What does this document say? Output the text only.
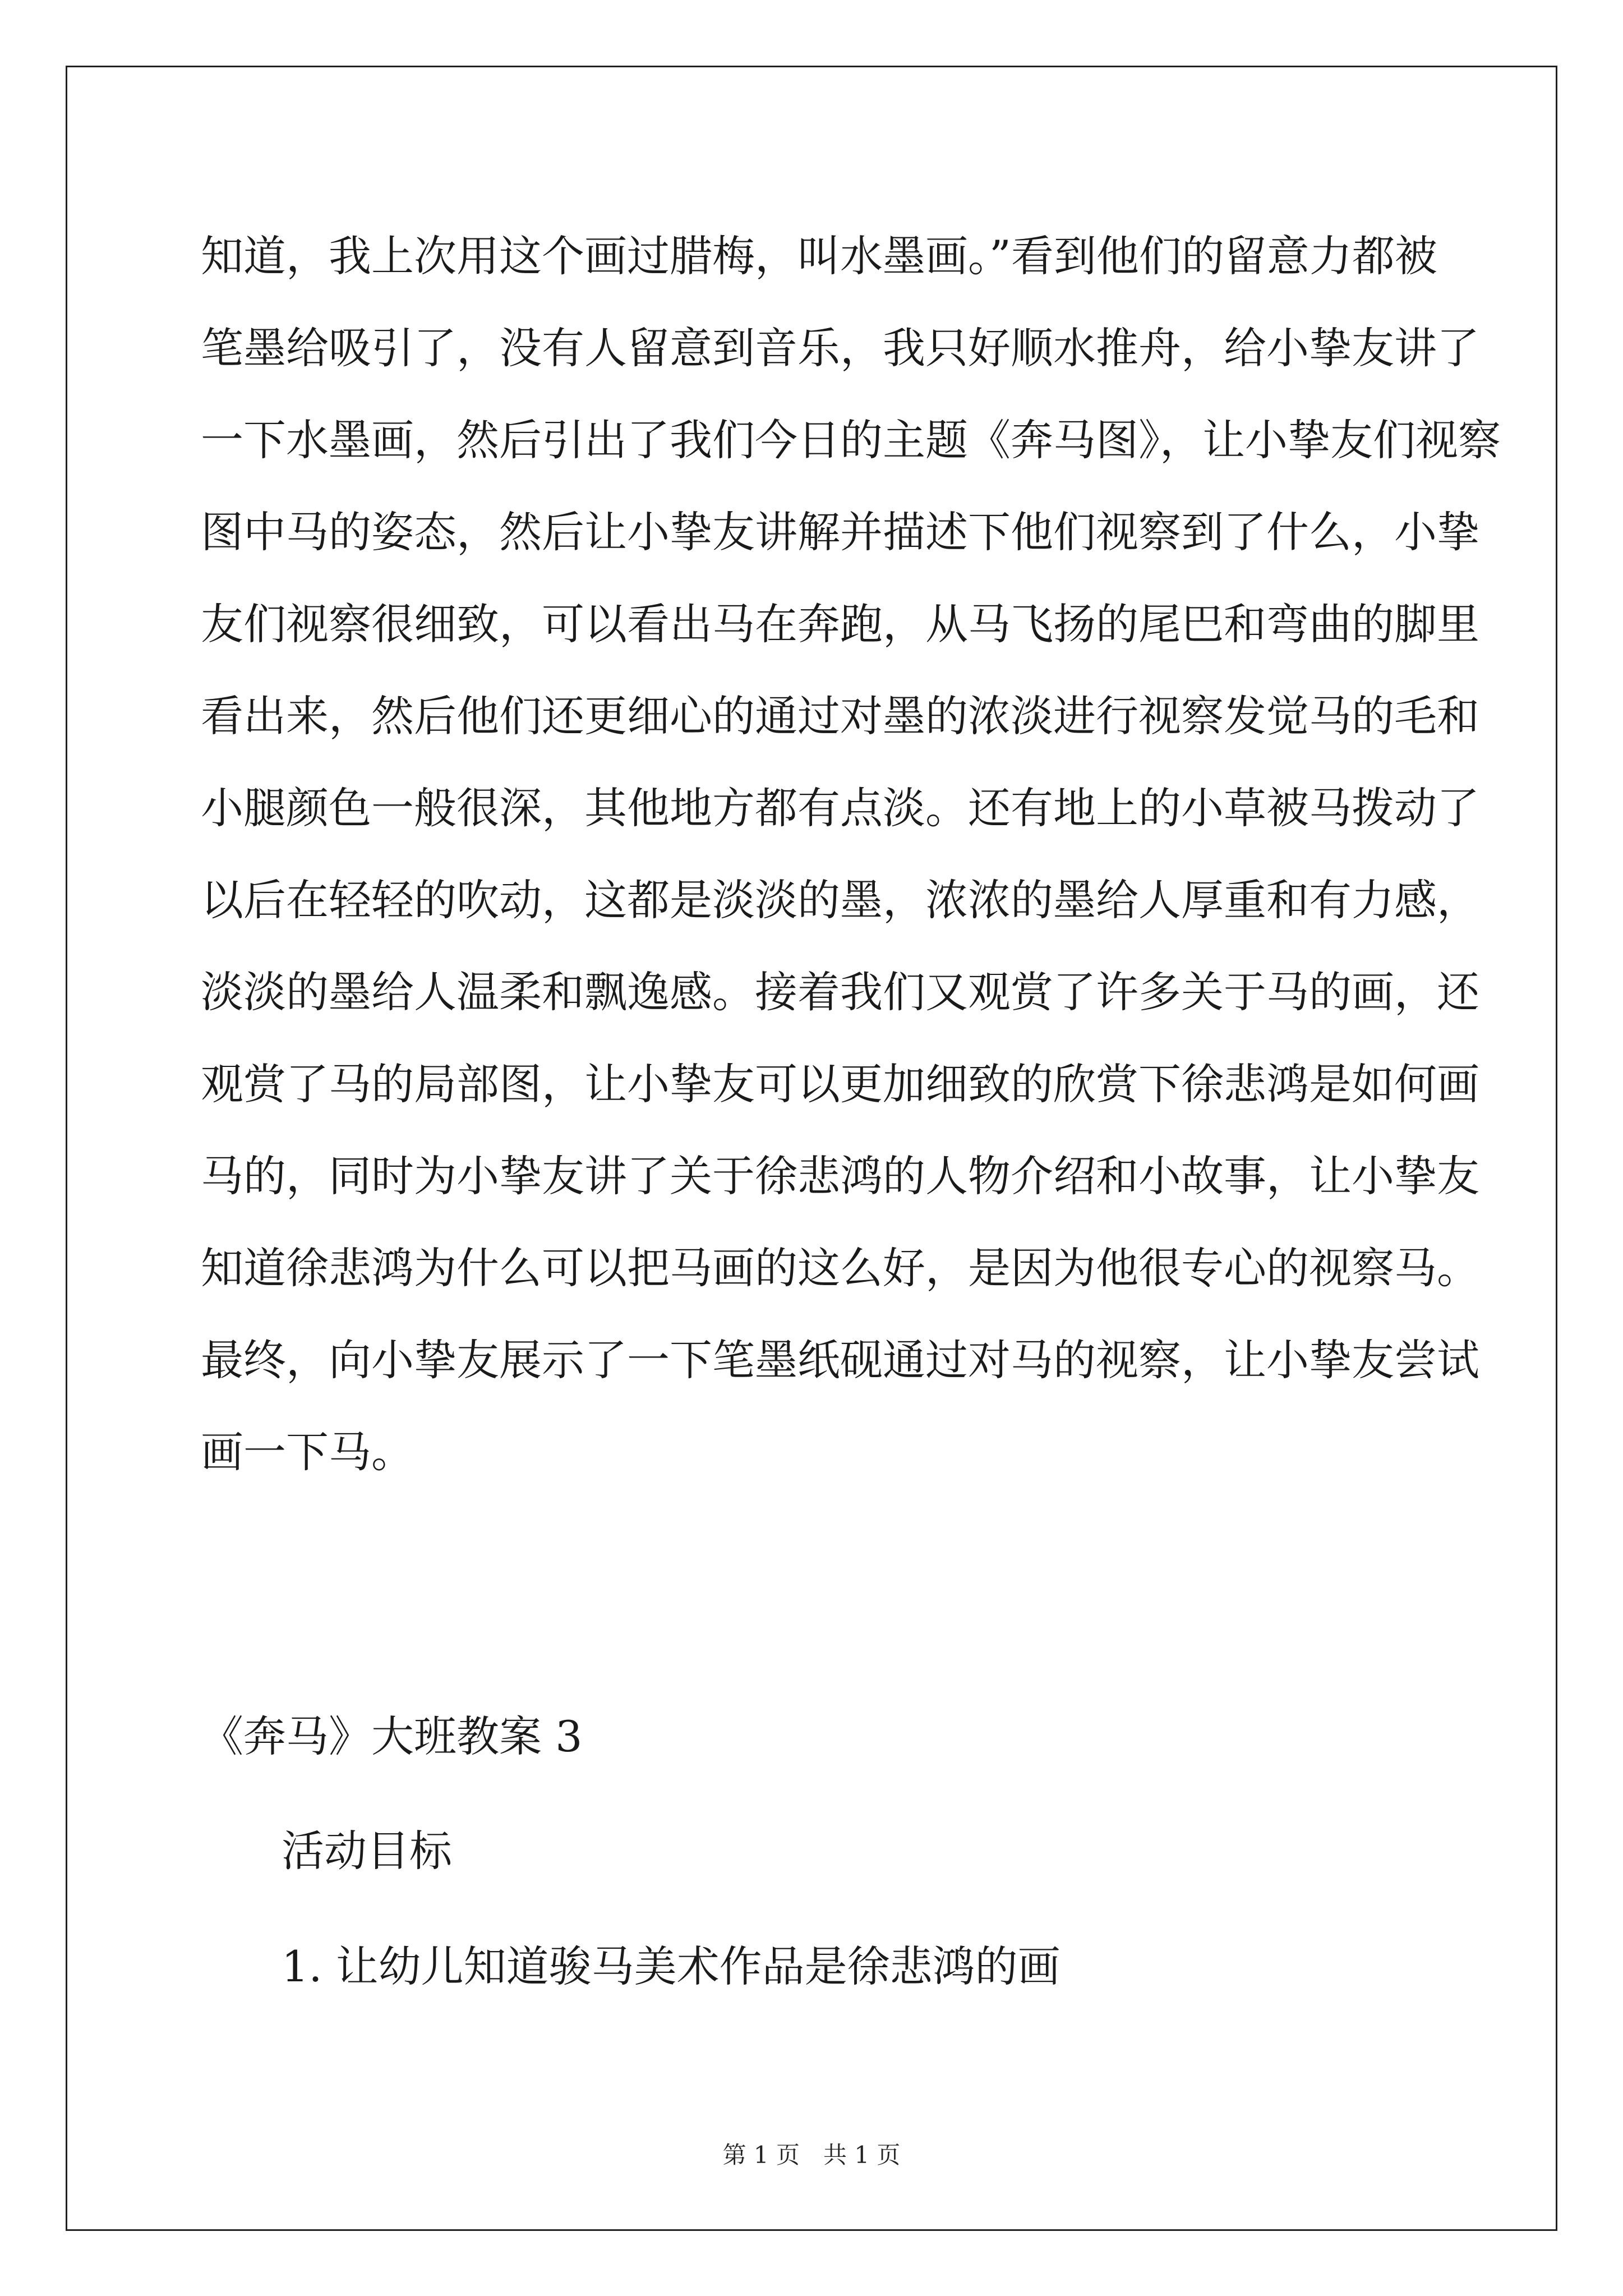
知道，我上次用这个画过腊梅，叫水墨画。”看到他们的留意力都被
笔墨给吸引了，没有人留意到音乐，我只好顺水推舟，给小挚友讲了
一下水墨画，然后引出了我们今日的主题《奔马图》，让小挚友们视察
图中马的姿态，然后让小挚友讲解并描述下他们视察到了什么，小挚
友们视察很细致，可以看出马在奔跑，从马飞扬的尾巴和弯曲的脚里
看出来，然后他们还更细心的通过对墨的浓淡进行视察发觉马的毛和
小腿颜色一般很深，其他地方都有点淡。还有地上的小草被马拨动了
以后在轻轻的吹动，这都是淡淡的墨，浓浓的墨给人厚重和有力感，
淡淡的墨给人温柔和飘逸感。接着我们又观赏了许多关于马的画，还
观赏了马的局部图，让小挚友可以更加细致的欣赏下徐悲鸿是如何画
马的，同时为小挚友讲了关于徐悲鸿的人物介绍和小故事，让小挚友
知道徐悲鸿为什么可以把马画的这么好，是因为他很专心的视察马。
最终，向小挚友展示了一下笔墨纸砚通过对马的视察，让小挚友尝试
画一下马。
《奔马》大班教案 3
活动目标
1. 让幼儿知道骏马美术作品是徐悲鸿的画
第 1 页　共 1 页
